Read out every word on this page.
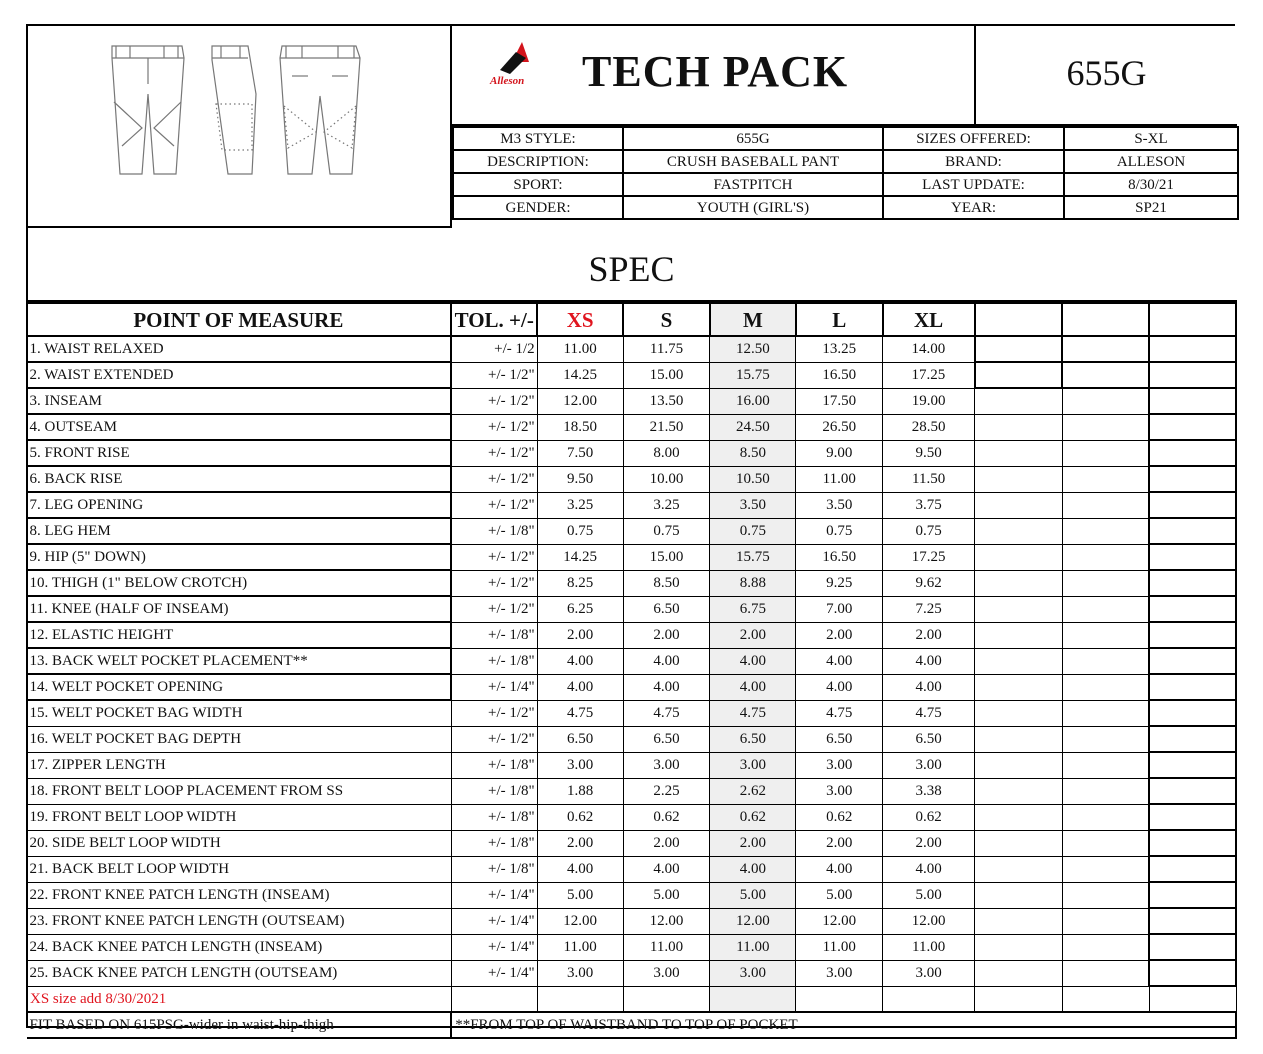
Alleson TECH PACK	655G
M3 STYLE:	655G	SIZES OFFERED:	S-XL
DESCRIPTION:	CRUSH BASEBALL PANT	BRAND:	ALLESON
SPORT:	FASTPITCH	LAST UPDATE:	8/30/21
GENDER:	YOUTH (GIRL'S)	YEAR:	SP21
SPEC
POINT OF MEASURE	TOL. +/-	XS	S	M	L	XL			
1. WAIST RELAXED	+/- 1/2	11.00	11.75	12.50	13.25	14.00			
2. WAIST EXTENDED	+/- 1/2"	14.25	15.00	15.75	16.50	17.25			
3. INSEAM	+/- 1/2"	12.00	13.50	16.00	17.50	19.00			
4. OUTSEAM	+/- 1/2"	18.50	21.50	24.50	26.50	28.50			
5. FRONT RISE	+/- 1/2"	7.50	8.00	8.50	9.00	9.50			
6. BACK RISE	+/- 1/2"	9.50	10.00	10.50	11.00	11.50			
7. LEG OPENING	+/- 1/2"	3.25	3.25	3.50	3.50	3.75			
8. LEG HEM	+/- 1/8"	0.75	0.75	0.75	0.75	0.75			
9. HIP (5" DOWN)	+/- 1/2"	14.25	15.00	15.75	16.50	17.25			
10. THIGH (1" BELOW CROTCH)	+/- 1/2"	8.25	8.50	8.88	9.25	9.62			
11. KNEE (HALF OF INSEAM)	+/- 1/2"	6.25	6.50	6.75	7.00	7.25			
12. ELASTIC HEIGHT	+/- 1/8"	2.00	2.00	2.00	2.00	2.00			
13. BACK WELT POCKET PLACEMENT**	+/- 1/8"	4.00	4.00	4.00	4.00	4.00			
14. WELT POCKET OPENING	+/- 1/4"	4.00	4.00	4.00	4.00	4.00			
15. WELT POCKET BAG WIDTH	+/- 1/2"	4.75	4.75	4.75	4.75	4.75			
16. WELT POCKET BAG DEPTH	+/- 1/2"	6.50	6.50	6.50	6.50	6.50			
17. ZIPPER LENGTH	+/- 1/8"	3.00	3.00	3.00	3.00	3.00			
18. FRONT BELT LOOP PLACEMENT FROM SS	+/- 1/8"	1.88	2.25	2.62	3.00	3.38			
19. FRONT BELT LOOP WIDTH	+/- 1/8"	0.62	0.62	0.62	0.62	0.62			
20. SIDE BELT LOOP WIDTH	+/- 1/8"	2.00	2.00	2.00	2.00	2.00			
21. BACK BELT LOOP WIDTH	+/- 1/8"	4.00	4.00	4.00	4.00	4.00			
22. FRONT KNEE PATCH LENGTH (INSEAM)	+/- 1/4"	5.00	5.00	5.00	5.00	5.00			
23. FRONT KNEE PATCH LENGTH (OUTSEAM)	+/- 1/4"	12.00	12.00	12.00	12.00	12.00			
24. BACK KNEE PATCH LENGTH (INSEAM)	+/- 1/4"	11.00	11.00	11.00	11.00	11.00			
25. BACK KNEE PATCH LENGTH (OUTSEAM)	+/- 1/4"	3.00	3.00	3.00	3.00	3.00			
XS size add 8/30/2021									
FIT BASED ON 615PSG-wider in waist-hip-thigh	**FROM TOP OF WAISTBAND TO TOP OF POCKET								
